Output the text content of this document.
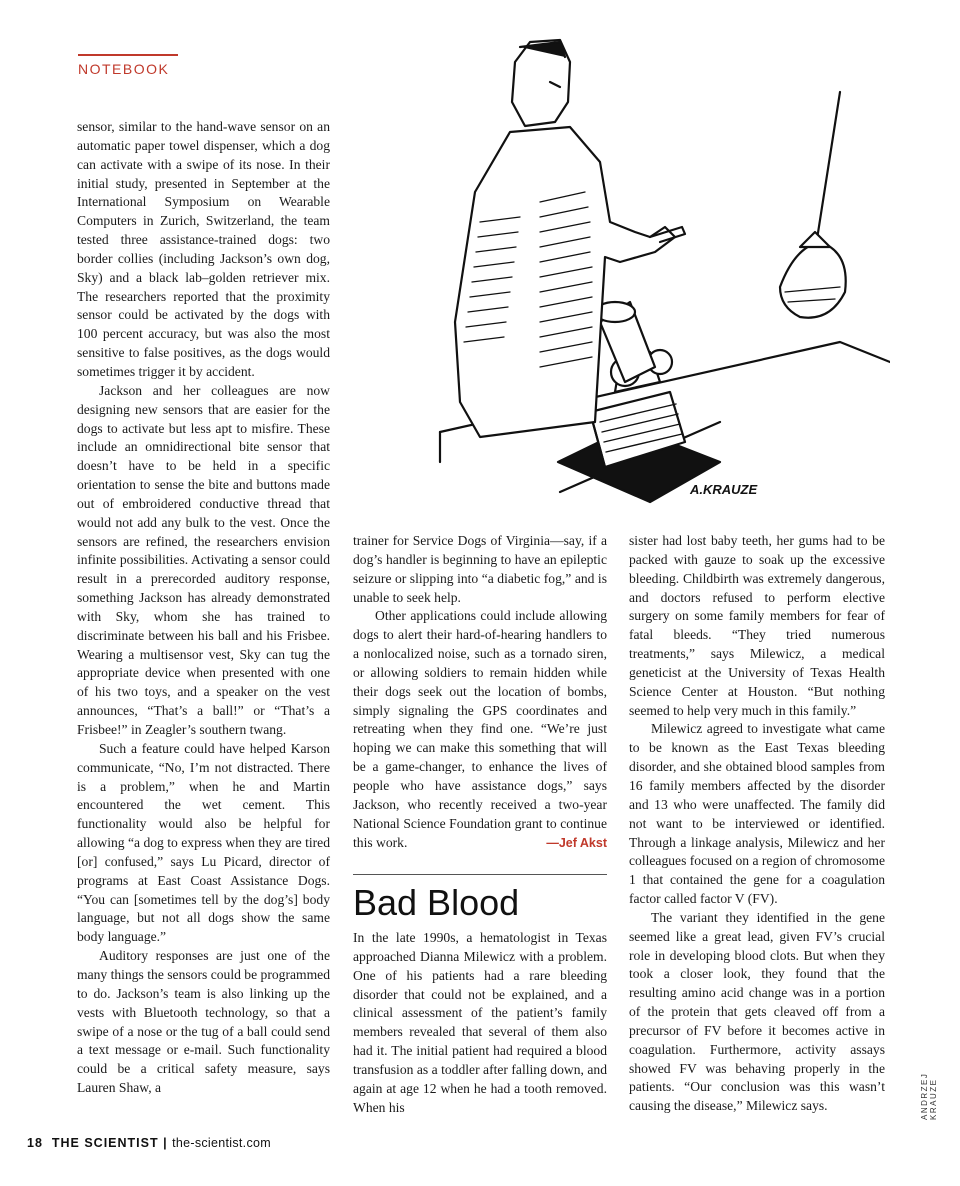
NOTEBOOK

sensor, similar to the hand-wave sensor on an automatic paper towel dispenser, which a dog can activate with a swipe of its nose. In their initial study, presented in September at the International Symposium on Wearable Computers in Zurich, Switzerland, the team tested three assistance-trained dogs: two border collies (including Jackson’s own dog, Sky) and a black lab–golden retriever mix. The researchers reported that the proximity sensor could be activated by the dogs with 100 percent accuracy, but was also the most sensitive to false positives, as the dogs would sometimes trigger it by accident.

Jackson and her colleagues are now designing new sensors that are easier for the dogs to activate but less apt to misfire. These include an omnidirectional bite sensor that doesn’t have to be held in a specific orientation to sense the bite and buttons made out of embroidered conductive thread that would not add any bulk to the vest. Once the sensors are refined, the researchers envision infinite possibilities. Activating a sensor could result in a prerecorded auditory response, something Jackson has already demonstrated with Sky, whom she has trained to discriminate between his ball and his Frisbee. Wearing a multisensor vest, Sky can tug the appropriate device when presented with one of his two toys, and a speaker on the vest announces, “That’s a ball!” or “That’s a Frisbee!” in Zeagler’s southern twang.

Such a feature could have helped Karson communicate, “No, I’m not distracted. There is a problem,” when he and Martin encountered the wet cement. This functionality would also be helpful for allowing “a dog to express when they are tired [or] confused,” says Lu Picard, director of programs at East Coast Assistance Dogs. “You can [sometimes tell by the dog’s] body language, but not all dogs show the same body language.”

Auditory responses are just one of the many things the sensors could be programmed to do. Jackson’s team is also linking up the vests with Bluetooth technology, so that a swipe of a nose or the tug of a ball could send a text message or e-mail. Such functionality could be a critical safety measure, says Lauren Shaw, a

A.KRAUZE

trainer for Service Dogs of Virginia—say, if a dog’s handler is beginning to have an epileptic seizure or slipping into “a diabetic fog,” and is unable to seek help.

Other applications could include allowing dogs to alert their hard-of-hearing handlers to a nonlocalized noise, such as a tornado siren, or allowing soldiers to remain hidden while their dogs seek out the location of bombs, simply signaling the GPS coordinates and retreating when they find one. “We’re just hoping we can make this something that will be a game-changer, to enhance the lives of people who have assistance dogs,” says Jackson, who recently received a two-year National Science Foundation grant to continue this work.	—Jef Akst

Bad Blood

In the late 1990s, a hematologist in Texas approached Dianna Milewicz with a problem. One of his patients had a rare bleeding disorder that could not be explained, and a clinical assessment of the patient’s family members revealed that several of them also had it. The initial patient had required a blood transfusion as a toddler after falling down, and again at age 12 when he had a tooth removed. When his

sister had lost baby teeth, her gums had to be packed with gauze to soak up the excessive bleeding. Childbirth was extremely dangerous, and doctors refused to perform elective surgery on some family members for fear of fatal bleeds. “They tried numerous treatments,” says Milewicz, a medical geneticist at the University of Texas Health Science Center at Houston. “But nothing seemed to help very much in this family.”

Milewicz agreed to investigate what came to be known as the East Texas bleeding disorder, and she obtained blood samples from 16 family members affected by the disorder and 13 who were unaffected. The family did not want to be interviewed or identified. Through a linkage analysis, Milewicz and her colleagues focused on a region of chromosome 1 that contained the gene for a coagulation factor called factor V (FV).

The variant they identified in the gene seemed like a great lead, given FV’s crucial role in developing blood clots. But when they took a closer look, they found that the resulting amino acid change was in a portion of the protein that gets cleaved off from a precursor of FV before it becomes active in coagulation. Furthermore, activity assays showed FV was behaving properly in the patients. “Our conclusion was this wasn’t causing the disease,” Milewicz says.	ANDRZEJ KRAUZE
18 THE SCIENTIST | the-scientist.com
